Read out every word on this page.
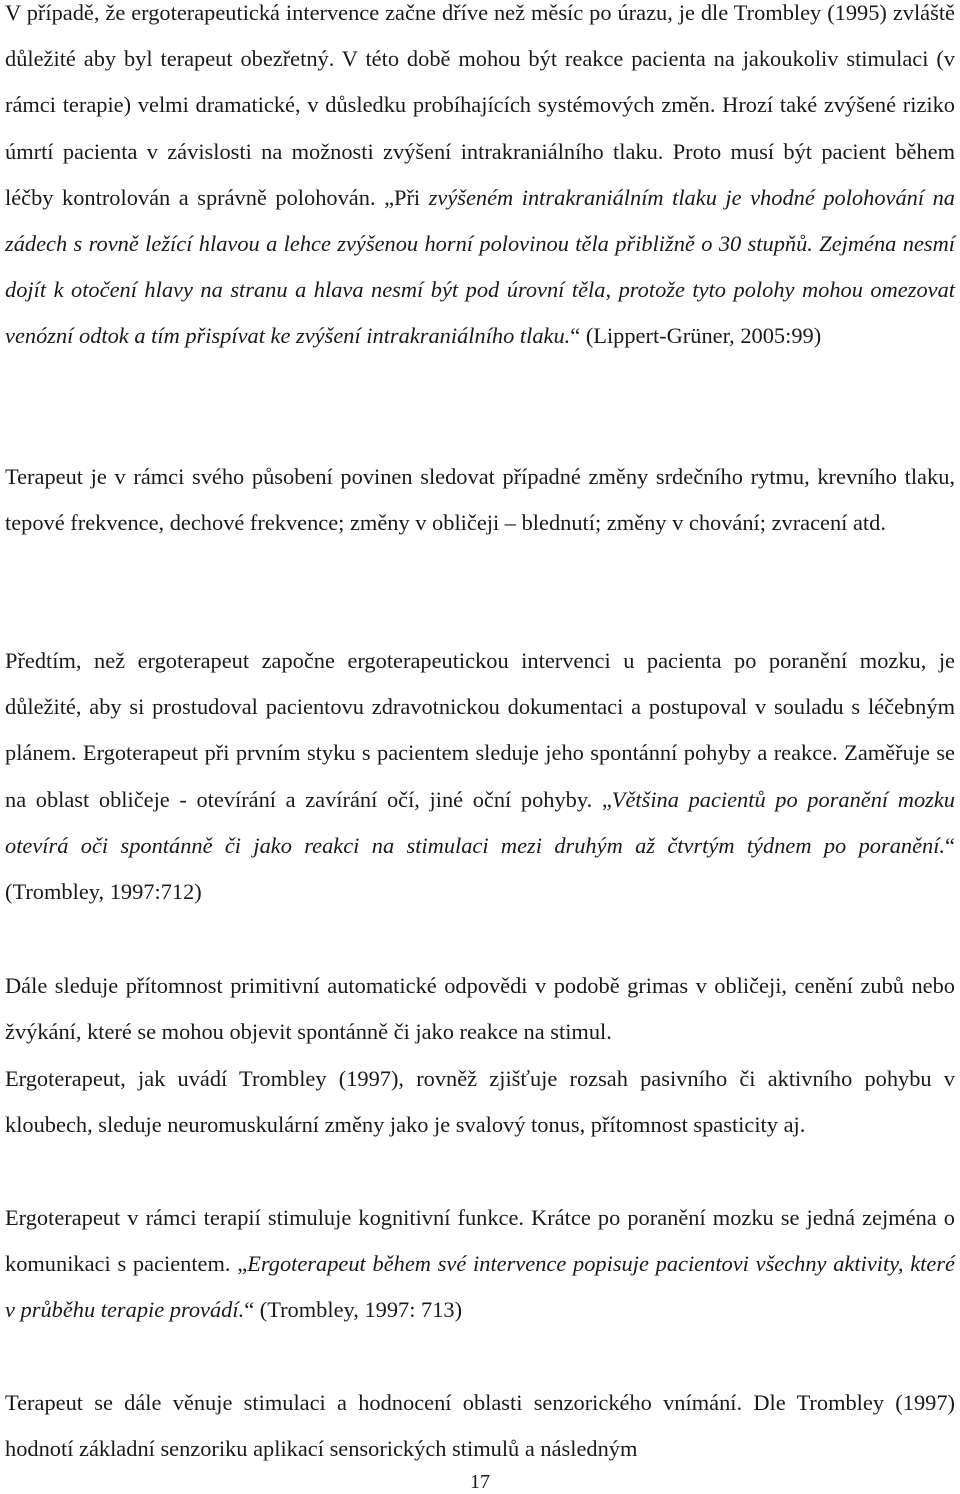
V případě, že ergoterapeutická intervence začne dříve než měsíc po úrazu, je dle Trombley (1995) zvláště důležité aby byl terapeut obezřetný. V této době mohou být reakce pacienta na jakoukoliv stimulaci (v rámci terapie) velmi dramatické, v důsledku probíhajících systémových změn. Hrozí také zvýšené riziko úmrtí pacienta v závislosti na možnosti zvýšení intrakraniálního tlaku. Proto musí být pacient během léčby kontrolován a správně polohován. „Při zvýšeném intrakraniálním tlaku je vhodné polohování na zádech s rovně ležící hlavou a lehce zvýšenou horní polovinou těla přibližně o 30 stupňů. Zejména nesmí dojít k otočení hlavy na stranu a hlava nesmí být pod úrovní těla, protože tyto polohy mohou omezovat venózní odtok a tím přispívat ke zvýšení intrakraniálního tlaku.“ (Lippert-Grüner, 2005:99)

Terapeut je v rámci svého působení povinen sledovat případné změny srdečního rytmu, krevního tlaku, tepové frekvence, dechové frekvence; změny v obličeji – blednutí; změny v chování; zvracení atd.

Předtím, než ergoterapeut započne ergoterapeutickou intervenci u pacienta po poranění mozku, je důležité, aby si prostudoval pacientovu zdravotnickou dokumentaci a postupoval v souladu s léčebným plánem. Ergoterapeut při prvním styku s pacientem sleduje jeho spontánní pohyby a reakce. Zaměřuje se na oblast obličeje - otevírání a zavírání očí, jiné oční pohyby. „Většina pacientů po poranění mozku otevírá oči spontánně či jako reakci na stimulaci mezi druhým až čtvrtým týdnem po poranění.“ (Trombley, 1997:712)

Dále sleduje přítomnost primitivní automatické odpovědi v podobě grimas v obličeji, cenění zubů nebo žvýkání, které se mohou objevit spontánně či jako reakce na stimul.

Ergoterapeut, jak uvádí Trombley (1997), rovněž zjišťuje rozsah pasivního či aktivního pohybu v kloubech, sleduje neuromuskulární změny jako je svalový tonus, přítomnost spasticity aj.

Ergoterapeut v rámci terapií stimuluje kognitivní funkce. Krátce po poranění mozku se jedná zejména o komunikaci s pacientem. „Ergoterapeut během své intervence popisuje pacientovi všechny aktivity, které v průběhu terapie provádí.“ (Trombley, 1997: 713)

Terapeut se dále věnuje stimulaci a hodnocení oblasti senzorického vnímání. Dle Trombley (1997) hodnotí základní senzoriku aplikací sensorických stimulů a následným

17
